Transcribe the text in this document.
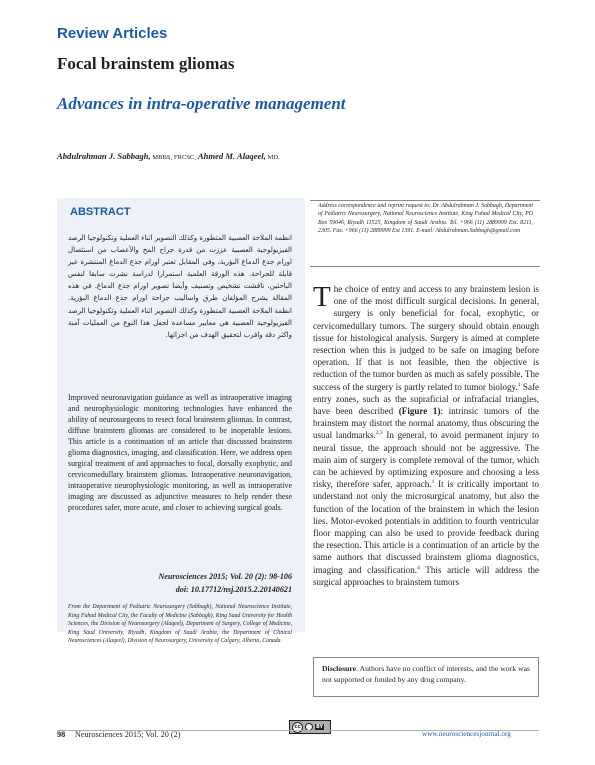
Review Articles
Focal brainstem gliomas
Advances in intra-operative management
Abdulrahman J. Sabbagh, MBBS, FRCSC, Ahmed M. Alaqeel, MD.
ABSTRACT
انظمة الملاحة العصبية المتطورة وكذلك التصوير اثناء العملية وتكنولوجيا الرصد الفيزيولوجية العصبية عززت من قدرة جراح المخ والأعصاب من استئصال اورام جذع الدماغ البؤرية، وفي المقابل تعتبر اورام جذع الدماغ المنتشرة غير قابلة للجراحة. هذه الورقة العلمية استمرارا لدراسة نشرت سابقا لنفس الباحثين، ناقشت تشخيص وتصنيف وأيضا تصوير اورام جذع الدماغ. في هذه المقالة يشرح المؤلفان طرق واساليب جراحة اورام جذع الدماغ البؤرية. انظمة الملاحة العصبية المتطورة وكذلك التصوير اثناء العملية وتكنولوجيا الرصد الفيزيولوجية العصبية هي معايير مساعدة لجعل هذا النوع من العمليات آمنة واكثر دقة واقرب لتحقيق الهدف من اجرائها.
Improved neuronavigation guidance as well as intraoperative imaging and neurophysiologic monitoring technologies have enhanced the ability of neurosurgeons to resect focal brainstem gliomas. In contrast, diffuse brainstem gliomas are considered to be inoperable lesions. This article is a continuation of an article that discussed brainstem glioma diagnostics, imaging, and classification. Here, we address open surgical treatment of and approaches to focal, dorsally exophytic, and cervicomedullary brainstem gliomas. Intraoperative neuronavigation, intraoperative neurophysiologic monitoring, as well as intraoperative imaging are discussed as adjunctive measures to help render these procedures safer, more acute, and closer to achieving surgical goals.
Neurosciences 2015; Vol. 20 (2): 98-106
doi: 10.17712/nsj.2015.2.20140621
From the Department of Pediatric Neurosurgery (Sabbagh), National Neuroscience Institute, King Fahad Medical City, the Faculty of Medicine (Sabbagh), King Saud University for Health Sciences, the Division of Neurosurgery (Alaqeel), Department of Surgery, College of Medicine, King Saud University, Riyadh, Kingdom of Saudi Arabia, the Department of Clinical Neurosciences (Alaqeel), Division of Neurosurgery, University of Calgary, Alberta, Canada.
Address correspondence and reprint request to: Dr. Abdulrahman J. Sabbagh, Department of Pediatric Neurosurgery, National Neuroscience Institute, King Fahad Medical City, PO Box 59046, Riyadh 11525, Kingdom of Saudi Arabia. Tel. +966 (11) 2889999 Ext. 8211, 2305. Fax. +966 (11) 2889999 Ext 1391. E-mail: Abdulrahman.Sabbagh@gmail.com
The choice of entry and access to any brainstem lesion is one of the most difficult surgical decisions. In general, surgery is only beneficial for focal, exophytic, or cervicomedullary tumors. The surgery should obtain enough tissue for histological analysis. Surgery is aimed at complete resection when this is judged to be safe on imaging before operation. If that is not feasible, then the objective is reduction of the tumor burden as much as safely possible. The success of the surgery is partly related to tumor biology.$^1$ Safe entry zones, such as the supraficial or infrafacial triangles, have been described (Figure 1): intrinsic tumors of the brainstem may distort the normal anatomy, thus obscuring the usual landmarks.$^{2,3}$ In general, to avoid permanent injury to neural tissue, the approach should not be aggressive. The main aim of surgery is complete removal of the tumor, which can be achieved by optimizing exposure and choosing a less risky, therefore safer, approach.$^1$ It is critically important to understand not only the microsurgical anatomy, but also the function of the location of the brainstem in which the lesion lies. Motor-evoked potentials in addition to fourth ventricular floor mapping can also be used to provide feedback during the resection. This article is a continuation of an article by the same authors that discussed brainstem glioma diagnostics, imaging and classification.$^4$ This article will address the surgical approaches to brainstem tumors
Disclosure. Authors have no conflict of interests, and the work was not supported or funded by any drug company.
cc	BY
98 Neurosciences 2015; Vol. 20 (2)	www.neurosciencesjournal.org
